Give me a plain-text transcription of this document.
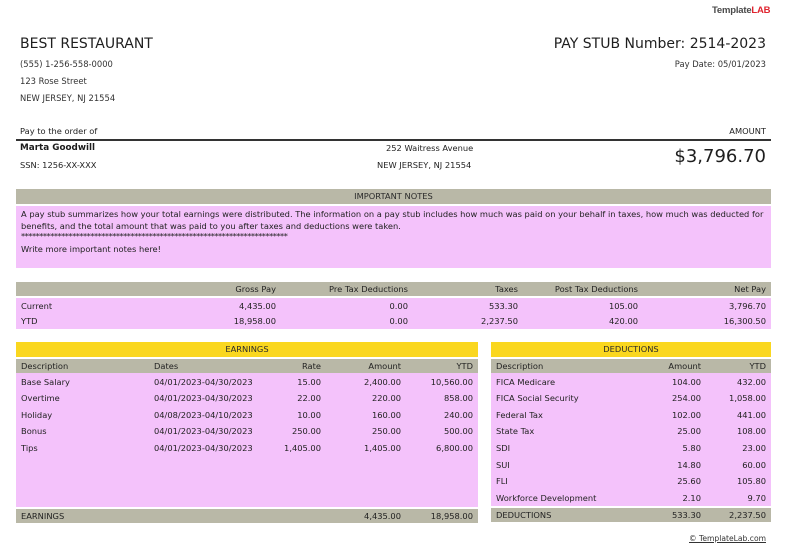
TemplateLAB
BEST RESTAURANT
(555) 1-256-558-0000
123 Rose Street
NEW JERSEY, NJ 21554
PAY STUB Number: 2514-2023
Pay Date: 05/01/2023
Pay to the order of	AMOUNT
Marta Goodwill
SSN: 1256-XX-XXX
252 Waitress Avenue
NEW JERSEY, NJ 21554	$3,796.70
IMPORTANT NOTES
A pay stub summarizes how your total earnings were distributed. The information on a pay stub includes how much was paid on your behalf in taxes, how much was deducted for
benefits, and the total amount that was paid to you after taxes and deductions were taken.
*************************************************************************
Write more important notes here!
	Gross Pay	Pre Tax Deductions	Taxes	Post Tax Deductions	Net Pay
Current	4,435.00	0.00	533.30	105.00	3,796.70
YTD	18,958.00	0.00	2,237.50	420.00	16,300.50
EARNINGS
Description	Dates	Rate	Amount	YTD
Base Salary	04/01/2023-04/30/2023	15.00	2,400.00	10,560.00
Overtime	04/01/2023-04/30/2023	22.00	220.00	858.00
Holiday	04/08/2023-04/10/2023	10.00	160.00	240.00
Bonus	04/01/2023-04/30/2023	250.00	250.00	500.00
Tips	04/01/2023-04/30/2023	1,405.00	1,405.00	6,800.00

EARNINGS			4,435.00	18,958.00
DEDUCTIONS
Description	Amount	YTD
FICA Medicare	104.00	432.00
FICA Social Security	254.00	1,058.00
Federal Tax	102.00	441.00
State Tax	25.00	108.00
SDI	5.80	23.00
SUI	14.80	60.00
FLI	25.60	105.80
Workforce Development	2.10	9.70
DEDUCTIONS	533.30	2,237.50
© TemplateLab.com
